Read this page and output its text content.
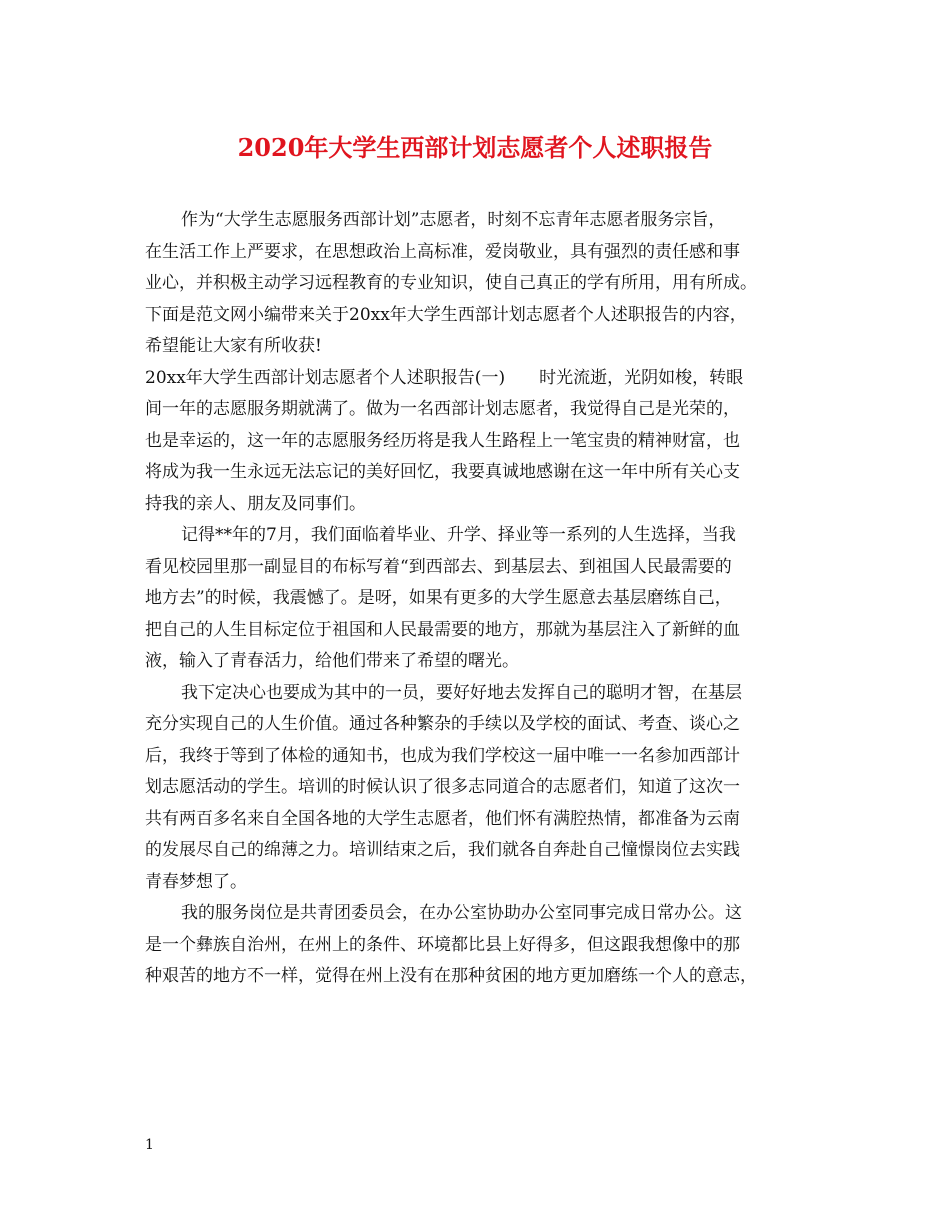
2020年大学生西部计划志愿者个人述职报告
作为“大学生志愿服务西部计划”志愿者，时刻不忘青年志愿者服务宗旨，
在生活工作上严要求，在思想政治上高标准，爱岗敬业，具有强烈的责任感和事
业心，并积极主动学习远程教育的专业知识，使自己真正的学有所用，用有所成。
下面是范文网小编带来关于20xx年大学生西部计划志愿者个人述职报告的内容，
希望能让大家有所收获!
20xx年大学生西部计划志愿者个人述职报告(一)　　时光流逝，光阴如梭，转眼
间一年的志愿服务期就满了。做为一名西部计划志愿者，我觉得自己是光荣的，
也是幸运的，这一年的志愿服务经历将是我人生路程上一笔宝贵的精神财富，也
将成为我一生永远无法忘记的美好回忆，我要真诚地感谢在这一年中所有关心支
持我的亲人、朋友及同事们。
记得**年的7月，我们面临着毕业、升学、择业等一系列的人生选择，当我
看见校园里那一副显目的布标写着“到西部去、到基层去、到祖国人民最需要的
地方去”的时候，我震憾了。是呀，如果有更多的大学生愿意去基层磨练自己，
把自己的人生目标定位于祖国和人民最需要的地方，那就为基层注入了新鲜的血
液，输入了青春活力，给他们带来了希望的曙光。
我下定决心也要成为其中的一员，要好好地去发挥自己的聪明才智，在基层
充分实现自己的人生价值。通过各种繁杂的手续以及学校的面试、考查、谈心之
后，我终于等到了体检的通知书，也成为我们学校这一届中唯一一名参加西部计
划志愿活动的学生。培训的时候认识了很多志同道合的志愿者们，知道了这次一
共有两百多名来自全国各地的大学生志愿者，他们怀有满腔热情，都准备为云南
的发展尽自己的绵薄之力。培训结束之后，我们就各自奔赴自己憧憬岗位去实践
青春梦想了。
我的服务岗位是共青团委员会，在办公室协助办公室同事完成日常办公。这
是一个彝族自治州，在州上的条件、环境都比县上好得多，但这跟我想像中的那
种艰苦的地方不一样，觉得在州上没有在那种贫困的地方更加磨练一个人的意志，
1
